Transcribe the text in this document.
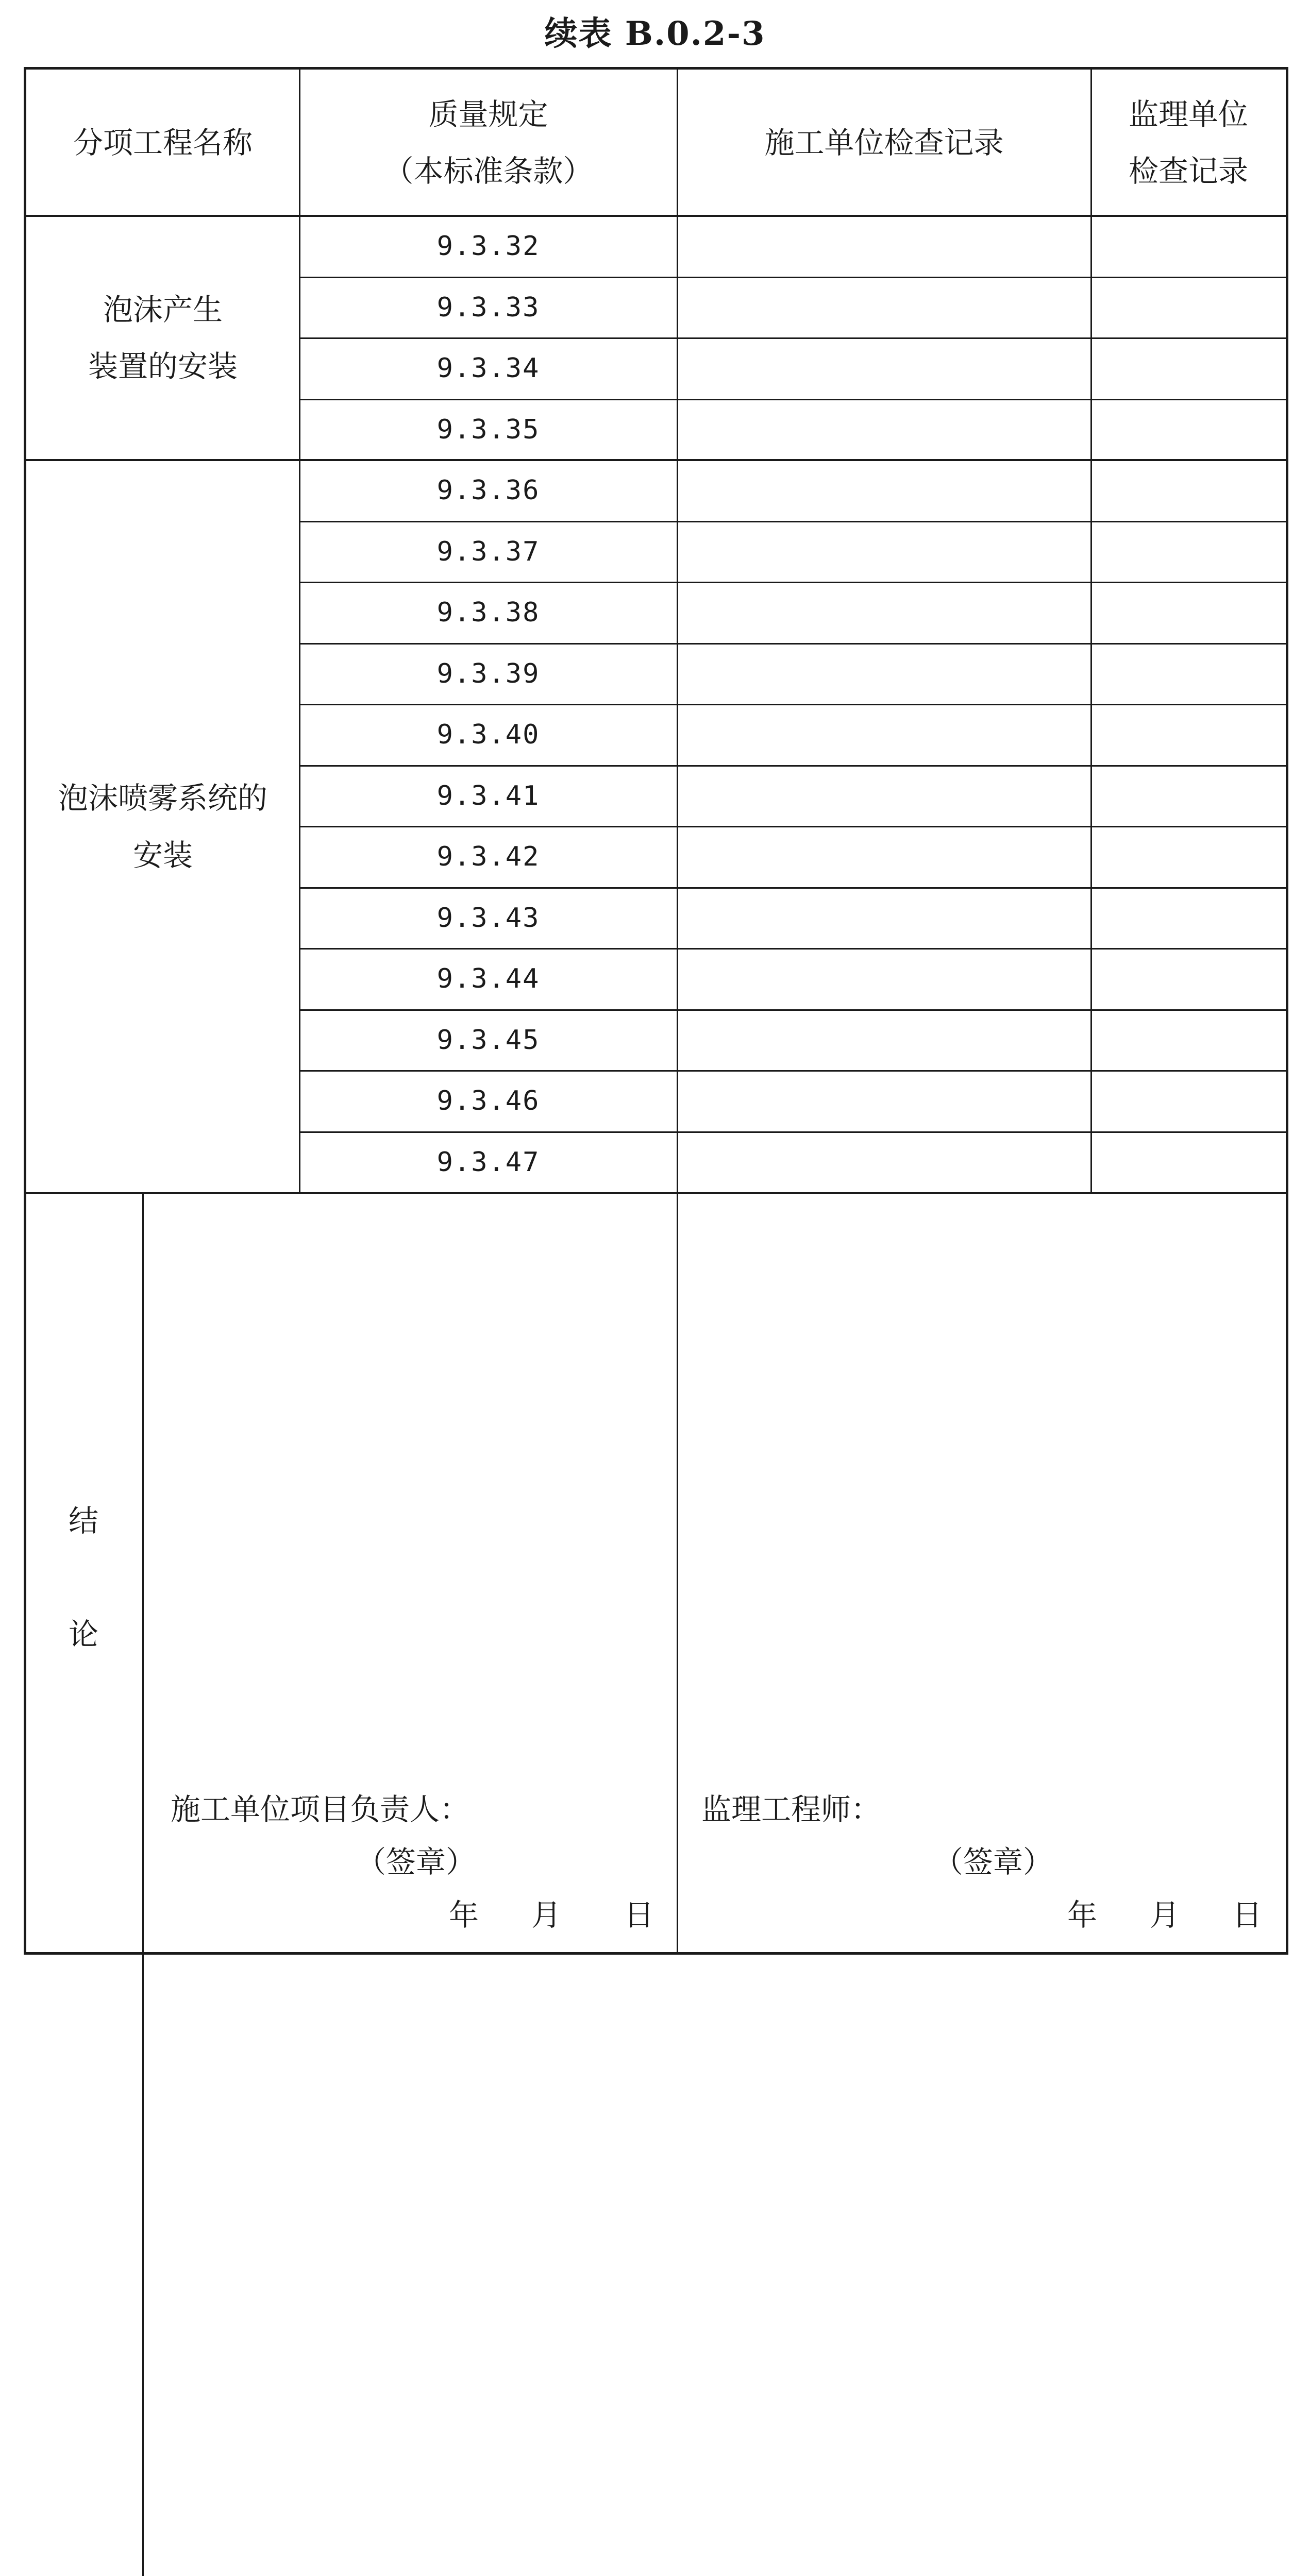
续表 B.0.2-3
分项工程名称
质量规定
（本标准条款）
施工单位检查记录
监理单位
检查记录
泡沫产生
装置的安装
泡沫喷雾系统的
安装
9.3.32
9.3.33
9.3.34
9.3.35
9.3.36
9.3.37
9.3.38
9.3.39
9.3.40
9.3.41
9.3.42
9.3.43
9.3.44
9.3.45
9.3.46
9.3.47
结
论
施工单位项目负责人：
（签章）
年 月 日
监理工程师：
（签章）
年 月 日
